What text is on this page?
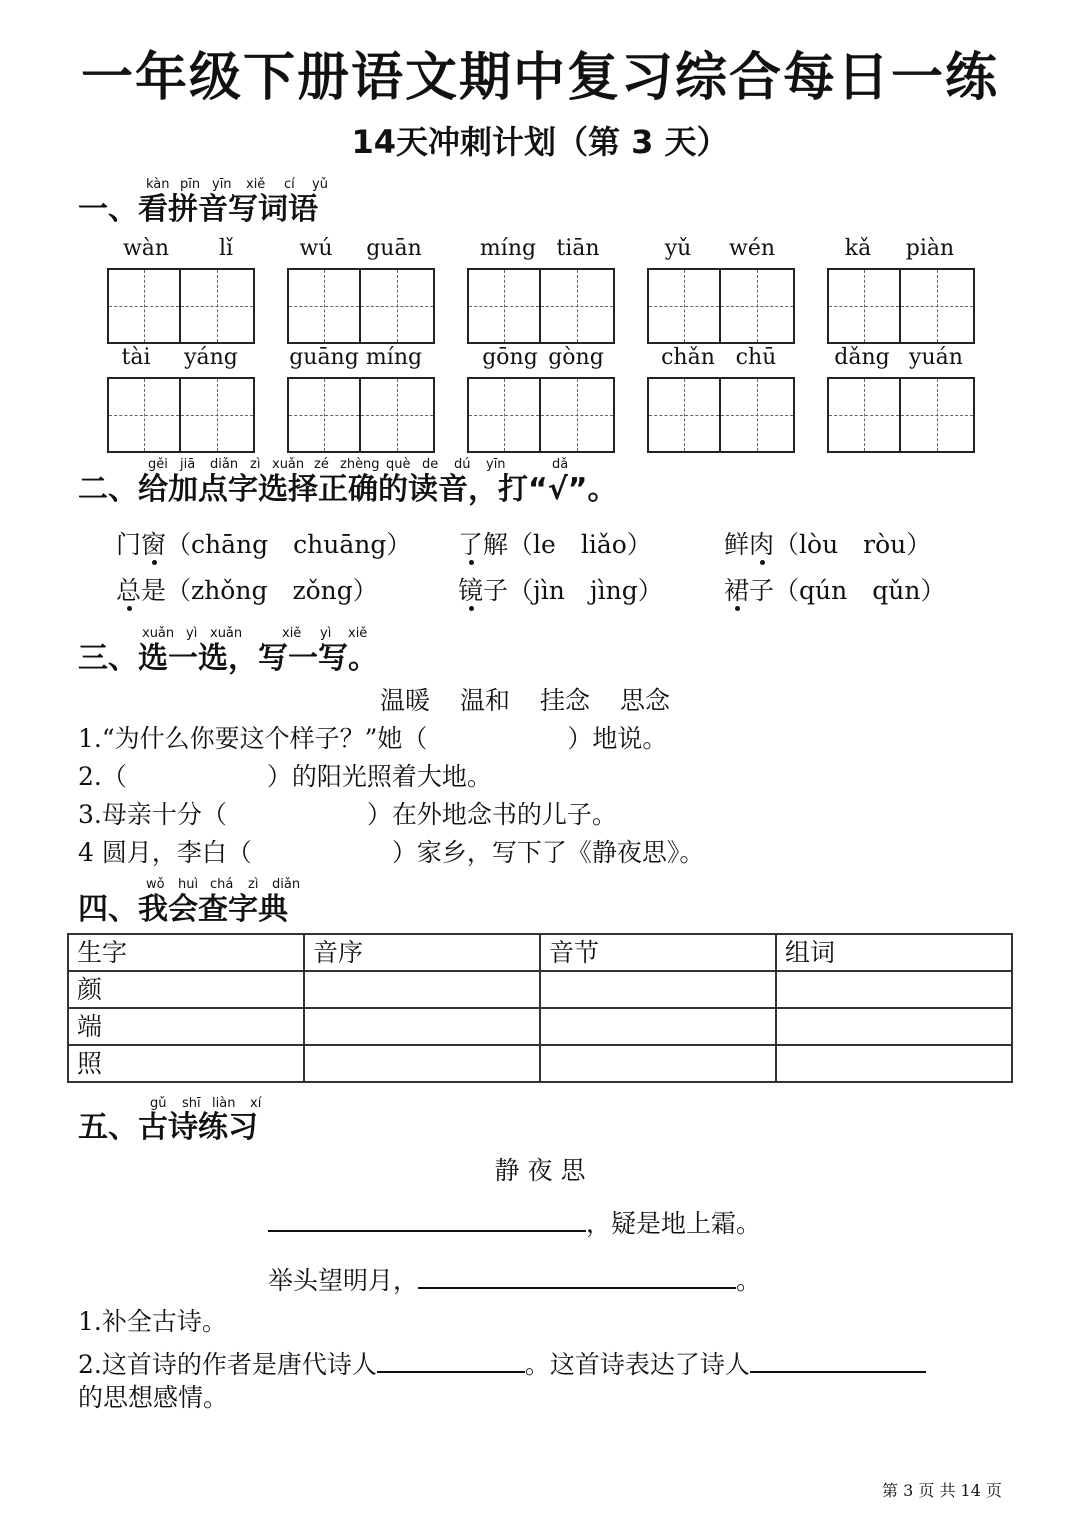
一年级下册语文期中复习综合每日一练
14天冲刺计划（第 3 天）
kàn pīn yīn xiě cí yǔ
一、看拼音写词语
wàn	lǐ	wú	guān	míng tiān	yǔ	wén	kǎ	piàn
tài	yáng	guāng míng	gōng gòng	chǎn chū	dǎng yuán
gěi jiā diǎn zì xuǎn zé zhèng què de dú yīn	dǎ
二、给加点字选择正确的读音，打“√”。
门窗（chāng　chuāng） 了解（le　liǎo）	鲜肉（lòu　ròu）
总是（zhǒng　zǒng）	镜子（jìn　jìng） 裙子（qún　qǔn）
xuǎn yì xuǎn	xiě yì xiě
三、选一选，写一写。
温暖 温和 挂念 思念
1.“为什么你要这个样子？”她（	）地说。
2.（	）的阳光照着大地。
3.母亲十分（	）在外地念书的儿子。
4 圆月，李白（	）家乡，写下了《静夜思》。
wǒ huì chá zì diǎn
四、我会查字典
生字	音序	音节	组词
颜			
端			
照			
gǔ shī liàn xí
五、古诗练习
静 夜 思
，疑是地上霜。
举头望明月，	。
1.补全古诗。
2.这首诗的作者是唐代诗人	。这首诗表达了诗人
的思想感情。
第 3 页 共 14 页
